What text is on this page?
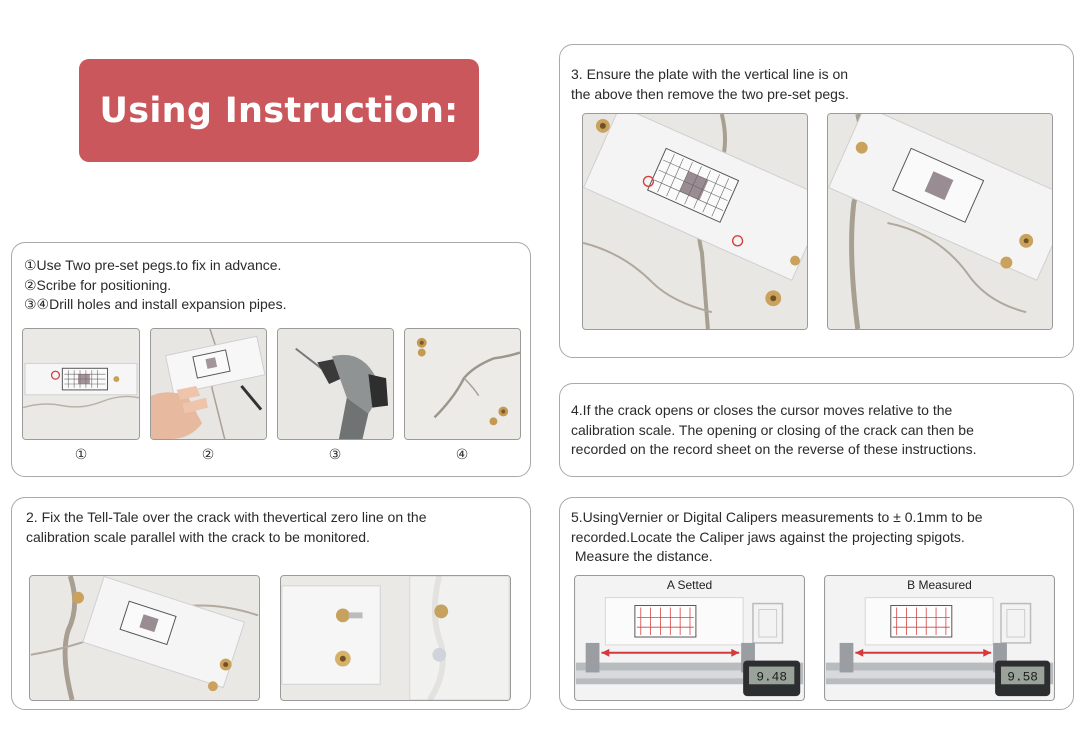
Using Instruction:
①Use Two pre-set pegs.to fix in advance.
②Scribe for positioning.
③④Drill holes and install expansion pipes.
①	②	③	④
2. Fix the Tell-Tale over the crack with thevertical zero line on the
calibration scale parallel with the crack to be monitored.
3. Ensure the plate with the vertical line is on
the above then remove the two pre-set pegs.
4.If the crack opens or closes the cursor moves relative to the
calibration scale. The opening or closing of the crack can then be
recorded on the record sheet on the reverse of these instructions.
5.UsingVernier or Digital Calipers measurements to ± 0.1mm to be
recorded.Locate the Caliper jaws against the projecting spigots.
Measure the distance.
9.48
A Setted
9.58
B Measured
